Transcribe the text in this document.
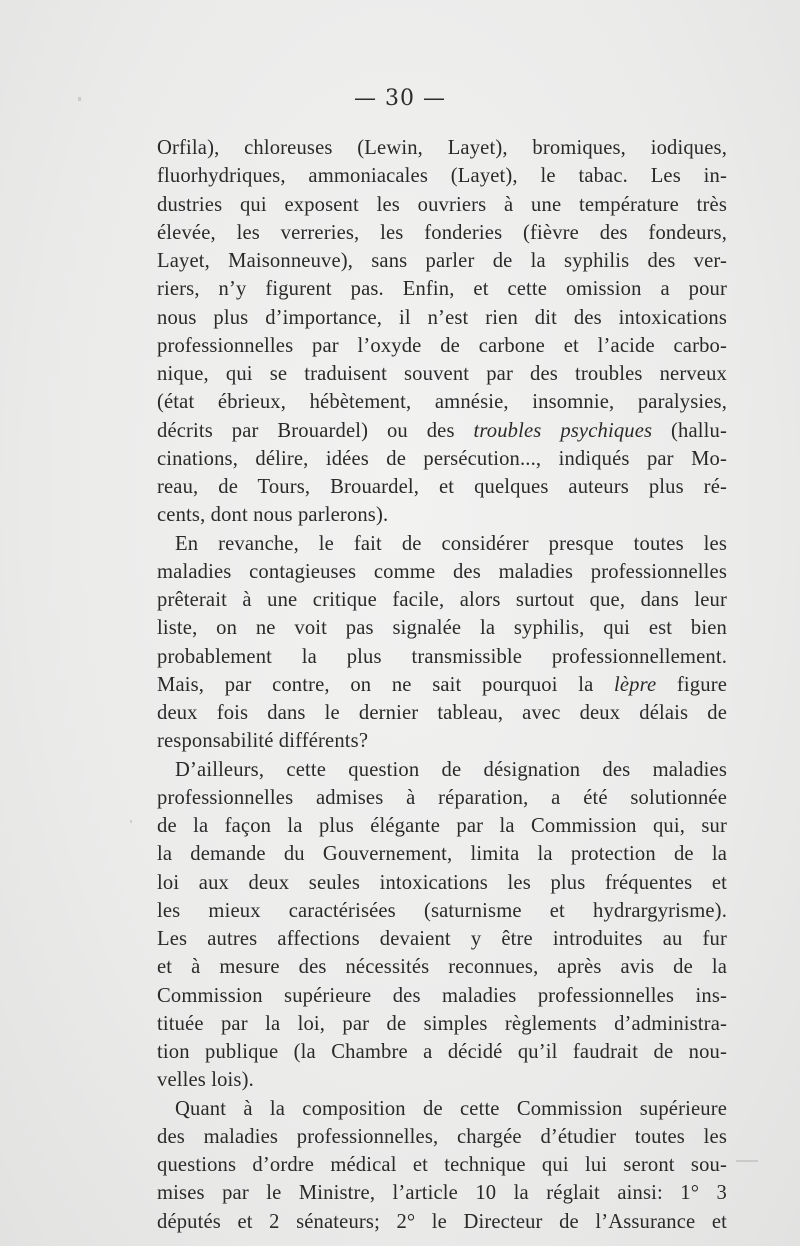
— 30 —
Orfila), chloreuses (Lewin, Layet), bromiques, iodiques,
fluorhydriques, ammoniacales (Layet), le tabac. Les in-
dustries qui exposent les ouvriers à une température très
élevée, les verreries, les fonderies (fièvre des fondeurs,
Layet, Maisonneuve), sans parler de la syphilis des ver-
riers, n’y figurent pas. Enfin, et cette omission a pour
nous plus d’importance, il n’est rien dit des intoxications
professionnelles par l’oxyde de carbone et l’acide carbo-
nique, qui se traduisent souvent par des troubles nerveux
(état ébrieux, hébètement, amnésie, insomnie, paralysies,
décrits par Brouardel) ou des troubles psychiques (hallu-
cinations, délire, idées de persécution..., indiqués par Mo-
reau, de Tours, Brouardel, et quelques auteurs plus ré-
cents, dont nous parlerons).
En revanche, le fait de considérer presque toutes les
maladies contagieuses comme des maladies professionnelles
prêterait à une critique facile, alors surtout que, dans leur
liste, on ne voit pas signalée la syphilis, qui est bien
probablement la plus transmissible professionnellement.
Mais, par contre, on ne sait pourquoi la lèpre figure
deux fois dans le dernier tableau, avec deux délais de
responsabilité différents?
D’ailleurs, cette question de désignation des maladies
professionnelles admises à réparation, a été solutionnée
de la façon la plus élégante par la Commission qui, sur
la demande du Gouvernement, limita la protection de la
loi aux deux seules intoxications les plus fréquentes et
les mieux caractérisées (saturnisme et hydrargyrisme).
Les autres affections devaient y être introduites au fur
et à mesure des nécessités reconnues, après avis de la
Commission supérieure des maladies professionnelles ins-
tituée par la loi, par de simples règlements d’administra-
tion publique (la Chambre a décidé qu’il faudrait de nou-
velles lois).
Quant à la composition de cette Commission supérieure
des maladies professionnelles, chargée d’étudier toutes les
questions d’ordre médical et technique qui lui seront sou-
mises par le Ministre, l’article 10 la réglait ainsi: 1° 3
députés et 2 sénateurs; 2° le Directeur de l’Assurance et
